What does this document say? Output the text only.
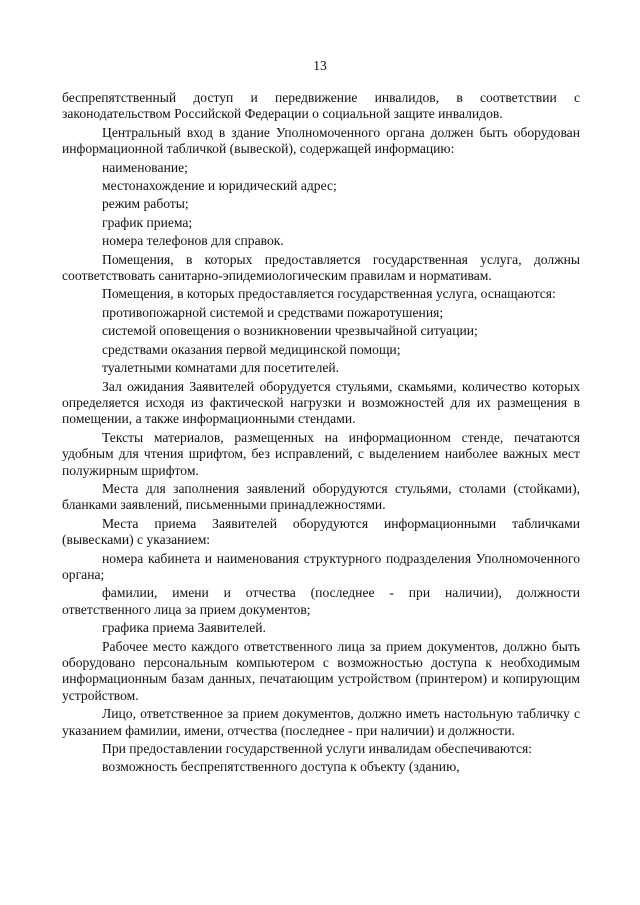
13

беспрепятственный доступ и передвижение инвалидов, в соответствии с законодательством Российской Федерации о социальной защите инвалидов.

Центральный вход в здание Уполномоченного органа должен быть оборудован информационной табличкой (вывеской), содержащей информацию:

наименование;

местонахождение и юридический адрес;

режим работы;

график приема;

номера телефонов для справок.

Помещения, в которых предоставляется государственная услуга, должны соответствовать санитарно-эпидемиологическим правилам и нормативам.

Помещения, в которых предоставляется государственная услуга, оснащаются:

противопожарной системой и средствами пожаротушения;

системой оповещения о возникновении чрезвычайной ситуации;

средствами оказания первой медицинской помощи;

туалетными комнатами для посетителей.

Зал ожидания Заявителей оборудуется стульями, скамьями, количество которых определяется исходя из фактической нагрузки и возможностей для их размещения в помещении, а также информационными стендами.

Тексты материалов, размещенных на информационном стенде, печатаются удобным для чтения шрифтом, без исправлений, с выделением наиболее важных мест полужирным шрифтом.

Места для заполнения заявлений оборудуются стульями, столами (стойками), бланками заявлений, письменными принадлежностями.

Места приема Заявителей оборудуются информационными табличками (вывесками) с указанием:

номера кабинета и наименования структурного подразделения Уполномоченного органа;

фамилии, имени и отчества (последнее - при наличии), должности ответственного лица за прием документов;

графика приема Заявителей.

Рабочее место каждого ответственного лица за прием документов, должно быть оборудовано персональным компьютером с возможностью доступа к необходимым информационным базам данных, печатающим устройством (принтером) и копирующим устройством.

Лицо, ответственное за прием документов, должно иметь настольную табличку с указанием фамилии, имени, отчества (последнее - при наличии) и должности.

При предоставлении государственной услуги инвалидам обеспечиваются:

возможность беспрепятственного доступа к объекту (зданию,
